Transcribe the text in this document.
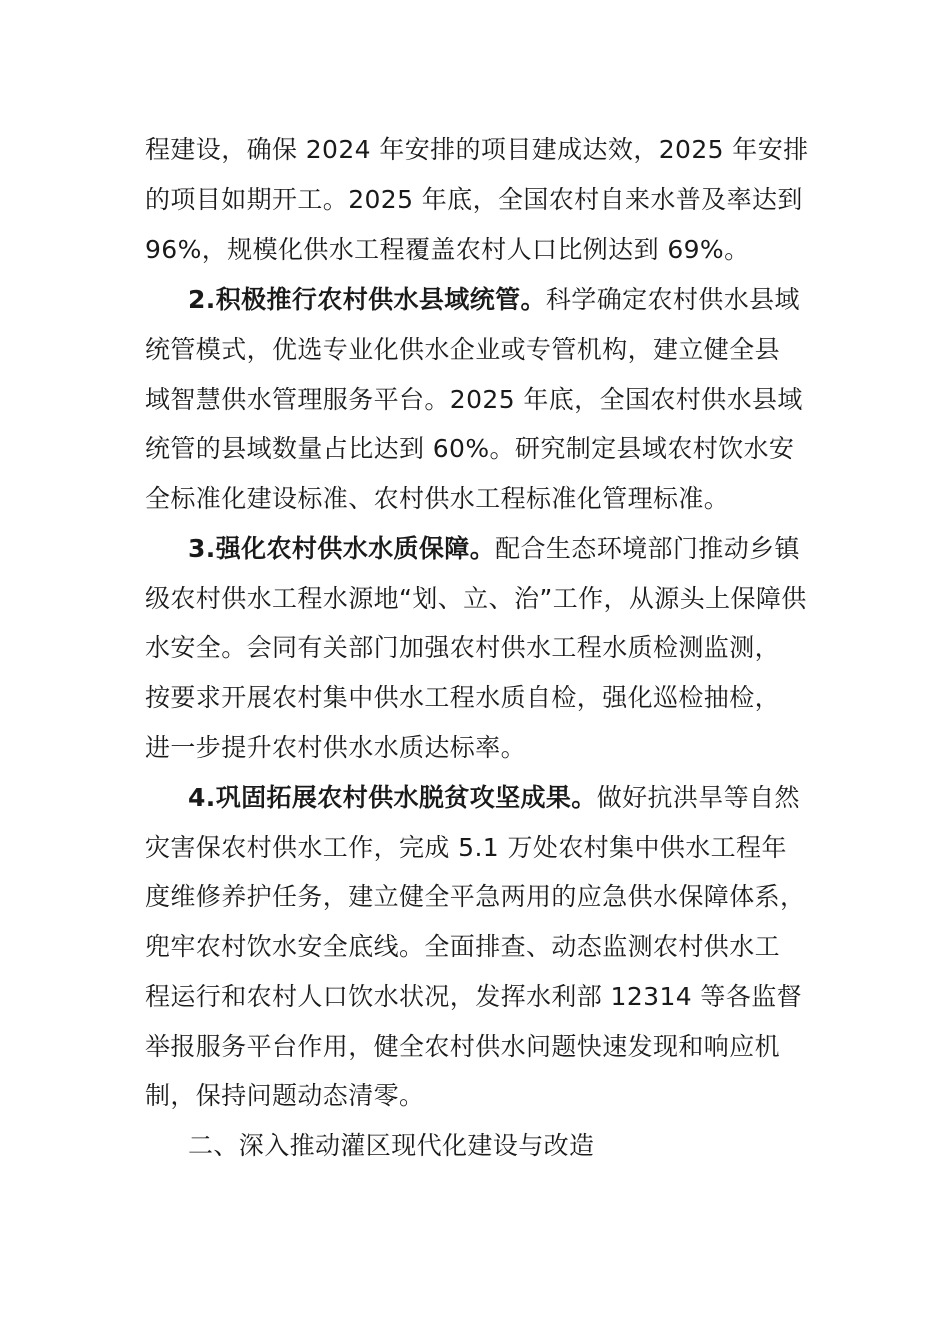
程建设，确保 2024 年安排的项目建成达效，2025 年安排
的项目如期开工。2025 年底，全国农村自来水普及率达到
96%，规模化供水工程覆盖农村人口比例达到 69%。
2.积极推行农村供水县域统管。科学确定农村供水县域
统管模式，优选专业化供水企业或专管机构，建立健全县
域智慧供水管理服务平台。2025 年底，全国农村供水县域
统管的县域数量占比达到 60%。研究制定县域农村饮水安
全标准化建设标准、农村供水工程标准化管理标准。
3.强化农村供水水质保障。配合生态环境部门推动乡镇
级农村供水工程水源地“划、立、治”工作，从源头上保障供
水安全。会同有关部门加强农村供水工程水质检测监测，
按要求开展农村集中供水工程水质自检，强化巡检抽检，
进一步提升农村供水水质达标率。
4.巩固拓展农村供水脱贫攻坚成果。做好抗洪旱等自然
灾害保农村供水工作，完成 5.1 万处农村集中供水工程年
度维修养护任务，建立健全平急两用的应急供水保障体系，
兜牢农村饮水安全底线。全面排查、动态监测农村供水工
程运行和农村人口饮水状况，发挥水利部 12314 等各监督
举报服务平台作用，健全农村供水问题快速发现和响应机
制，保持问题动态清零。
二、深入推动灌区现代化建设与改造
